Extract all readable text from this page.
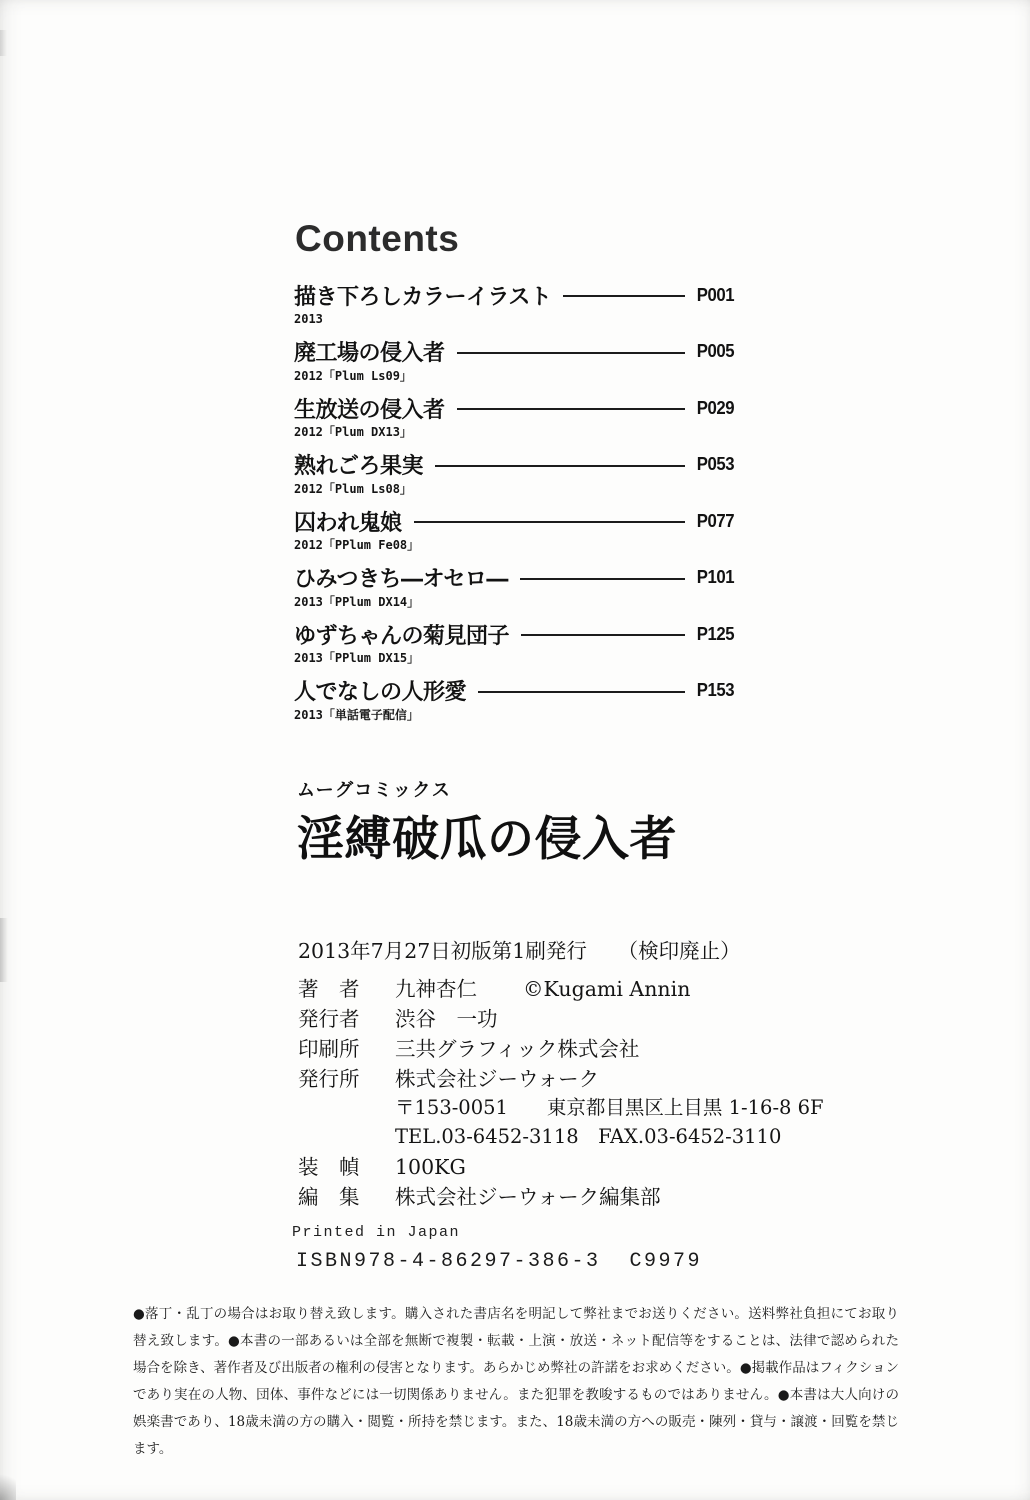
Contents
描き下ろしカラーイラスト	P001
2013
廃工場の侵入者	P005
2012「Plum Ls09」
生放送の侵入者	P029
2012「Plum DX13」
熟れごろ果実	P053
2012「Plum Ls08」
囚われ鬼娘	P077
2012「PPlum Fe08」
ひみつきち―オセロ―	P101
2013「PPlum DX14」
ゆずちゃんの菊見団子	P125
2013「PPlum DX15」
人でなしの人形愛	P153
2013「単話電子配信」
ムーグコミックス
淫縛破瓜の侵入者
2013年7月27日初版第1刷発行　　（検印廃止）
著　者 九神杏仁 ©Kugami Annin
発行者 渋谷　一功
印刷所 三共グラフィック株式会社
発行所 株式会社ジーウォーク
〒153-0051　　東京都目黒区上目黒 1-16-8 6F
TEL.03-6452-3118　FAX.03-6452-3110
装　幀 100KG
編　集 株式会社ジーウォーク編集部
Printed in Japan
ISBN978-4-86297-386-3  C9979

●落丁・乱丁の場合はお取り替え致します。購入された書店名を明記して弊社までお送りください。送料弊社負担にてお取り替え致します。●本書の一部あるいは全部を無断で複製・転載・上演・放送・ネット配信等をすることは、法律で認められた場合を除き、著作者及び出版者の権利の侵害となります。あらかじめ弊社の許諾をお求めください。●掲載作品はフィクションであり実在の人物、団体、事件などには一切関係ありません。また犯罪を教唆するものではありません。●本書は大人向けの娯楽書であり、18歳未満の方の購入・閲覧・所持を禁じます。また、18歳未満の方への販売・陳列・貸与・譲渡・回覧を禁じます。
